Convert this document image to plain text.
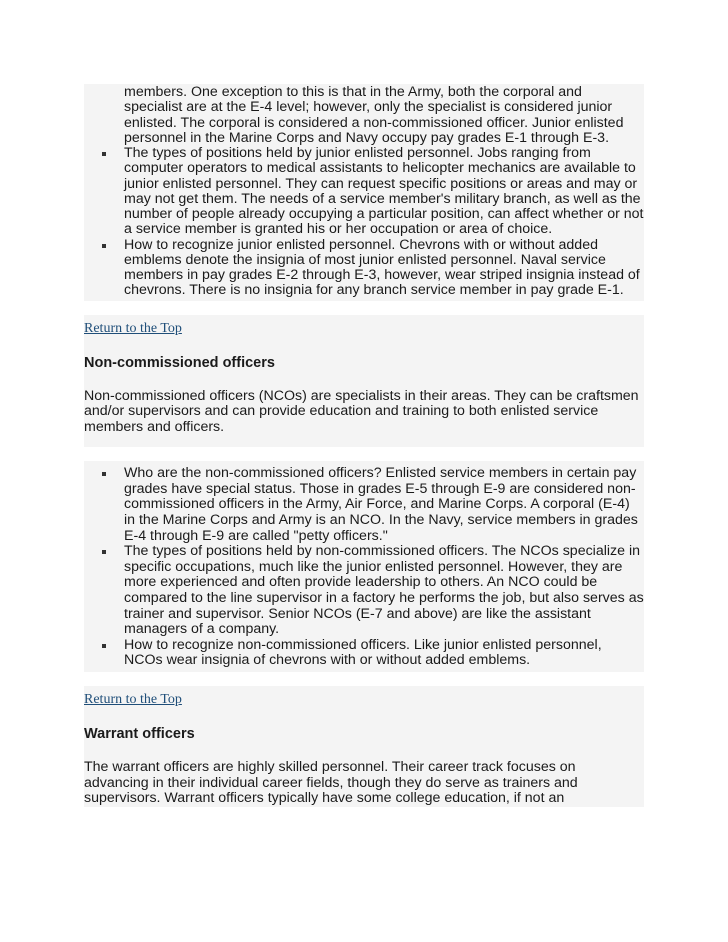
members. One exception to this is that in the Army, both the corporal and specialist are at the E-4 level; however, only the specialist is considered junior enlisted. The corporal is considered a non-commissioned officer. Junior enlisted personnel in the Marine Corps and Navy occupy pay grades E-1 through E-3.
The types of positions held by junior enlisted personnel. Jobs ranging from computer operators to medical assistants to helicopter mechanics are available to junior enlisted personnel. They can request specific positions or areas and may or may not get them. The needs of a service member's military branch, as well as the number of people already occupying a particular position, can affect whether or not a service member is granted his or her occupation or area of choice.
How to recognize junior enlisted personnel. Chevrons with or without added emblems denote the insignia of most junior enlisted personnel. Naval service members in pay grades E-2 through E-3, however, wear striped insignia instead of chevrons. There is no insignia for any branch service member in pay grade E-1.
Return to the Top
Non-commissioned officers

Non-commissioned officers (NCOs) are specialists in their areas. They can be craftsmen and/or supervisors and can provide education and training to both enlisted service members and officers.

Who are the non-commissioned officers? Enlisted service members in certain pay grades have special status. Those in grades E-5 through E-9 are considered non-commissioned officers in the Army, Air Force, and Marine Corps. A corporal (E-4) in the Marine Corps and Army is an NCO. In the Navy, service members in grades E-4 through E-9 are called "petty officers."
The types of positions held by non-commissioned officers. The NCOs specialize in specific occupations, much like the junior enlisted personnel. However, they are more experienced and often provide leadership to others. An NCO could be compared to the line supervisor in a factory he performs the job, but also serves as trainer and supervisor. Senior NCOs (E-7 and above) are like the assistant managers of a company.
How to recognize non-commissioned officers. Like junior enlisted personnel, NCOs wear insignia of chevrons with or without added emblems.
Return to the Top
Warrant officers

The warrant officers are highly skilled personnel. Their career track focuses on advancing in their individual career fields, though they do serve as trainers and supervisors. Warrant officers typically have some college education, if not an
